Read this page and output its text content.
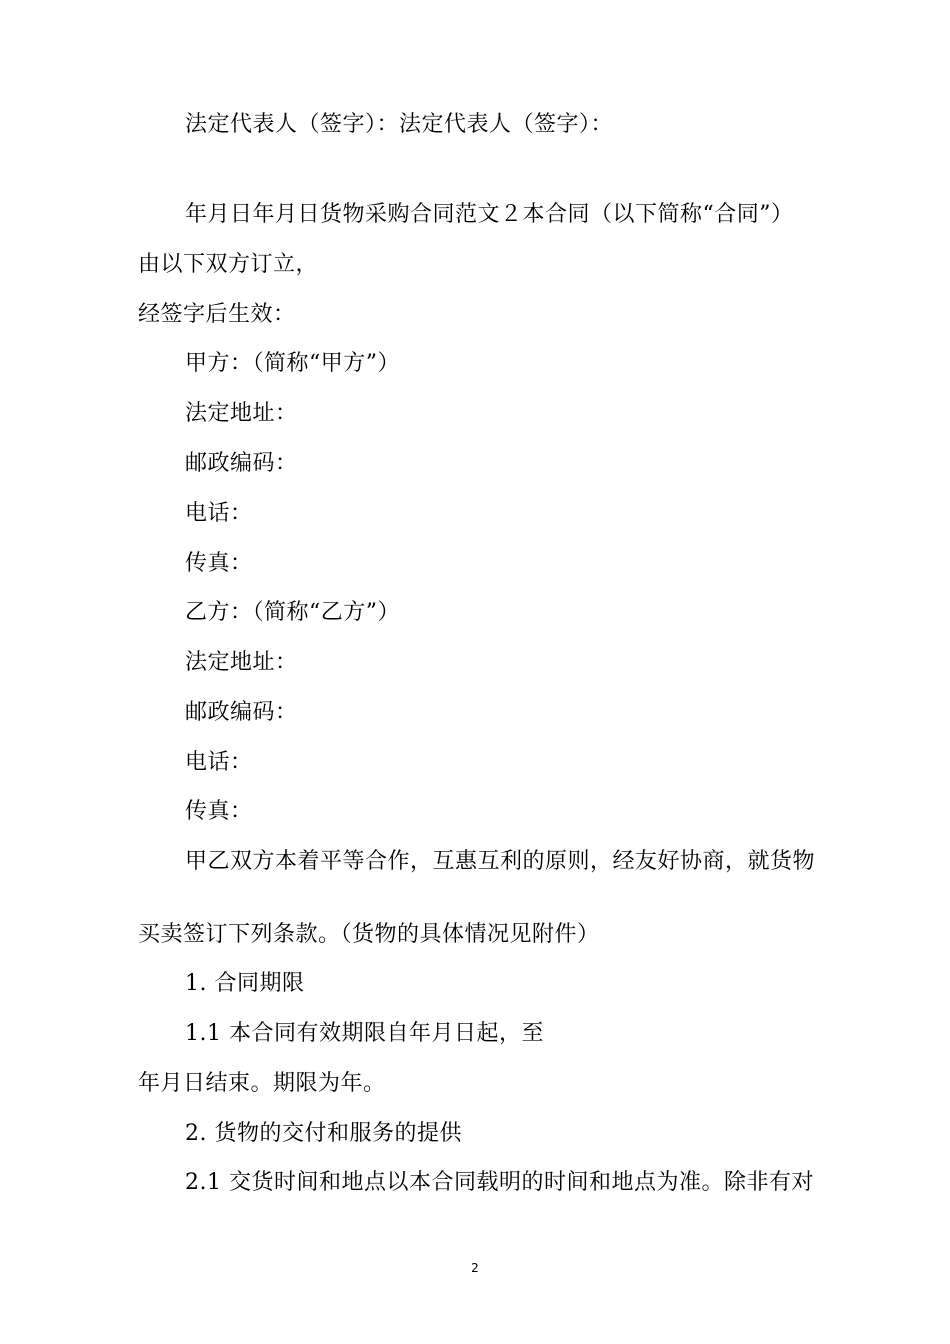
法定代表人（签字）：法定代表人（签字）：
年月日年月日货物采购合同范文２本合同（以下简称“合同”）
由以下双方订立，
经签字后生效：
甲方：（简称“甲方”）
法定地址：
邮政编码：
电话：
传真：
乙方：（简称“乙方”）
法定地址：
邮政编码：
电话：
传真：
甲乙双方本着平等合作，互惠互利的原则，经友好协商，就货物
买卖签订下列条款。（货物的具体情况见附件）
1. 合同期限
1.1 本合同有效期限自年月日起，至
年月日结束。期限为年。
2. 货物的交付和服务的提供
2.1 交货时间和地点以本合同载明的时间和地点为准。除非有对
2
